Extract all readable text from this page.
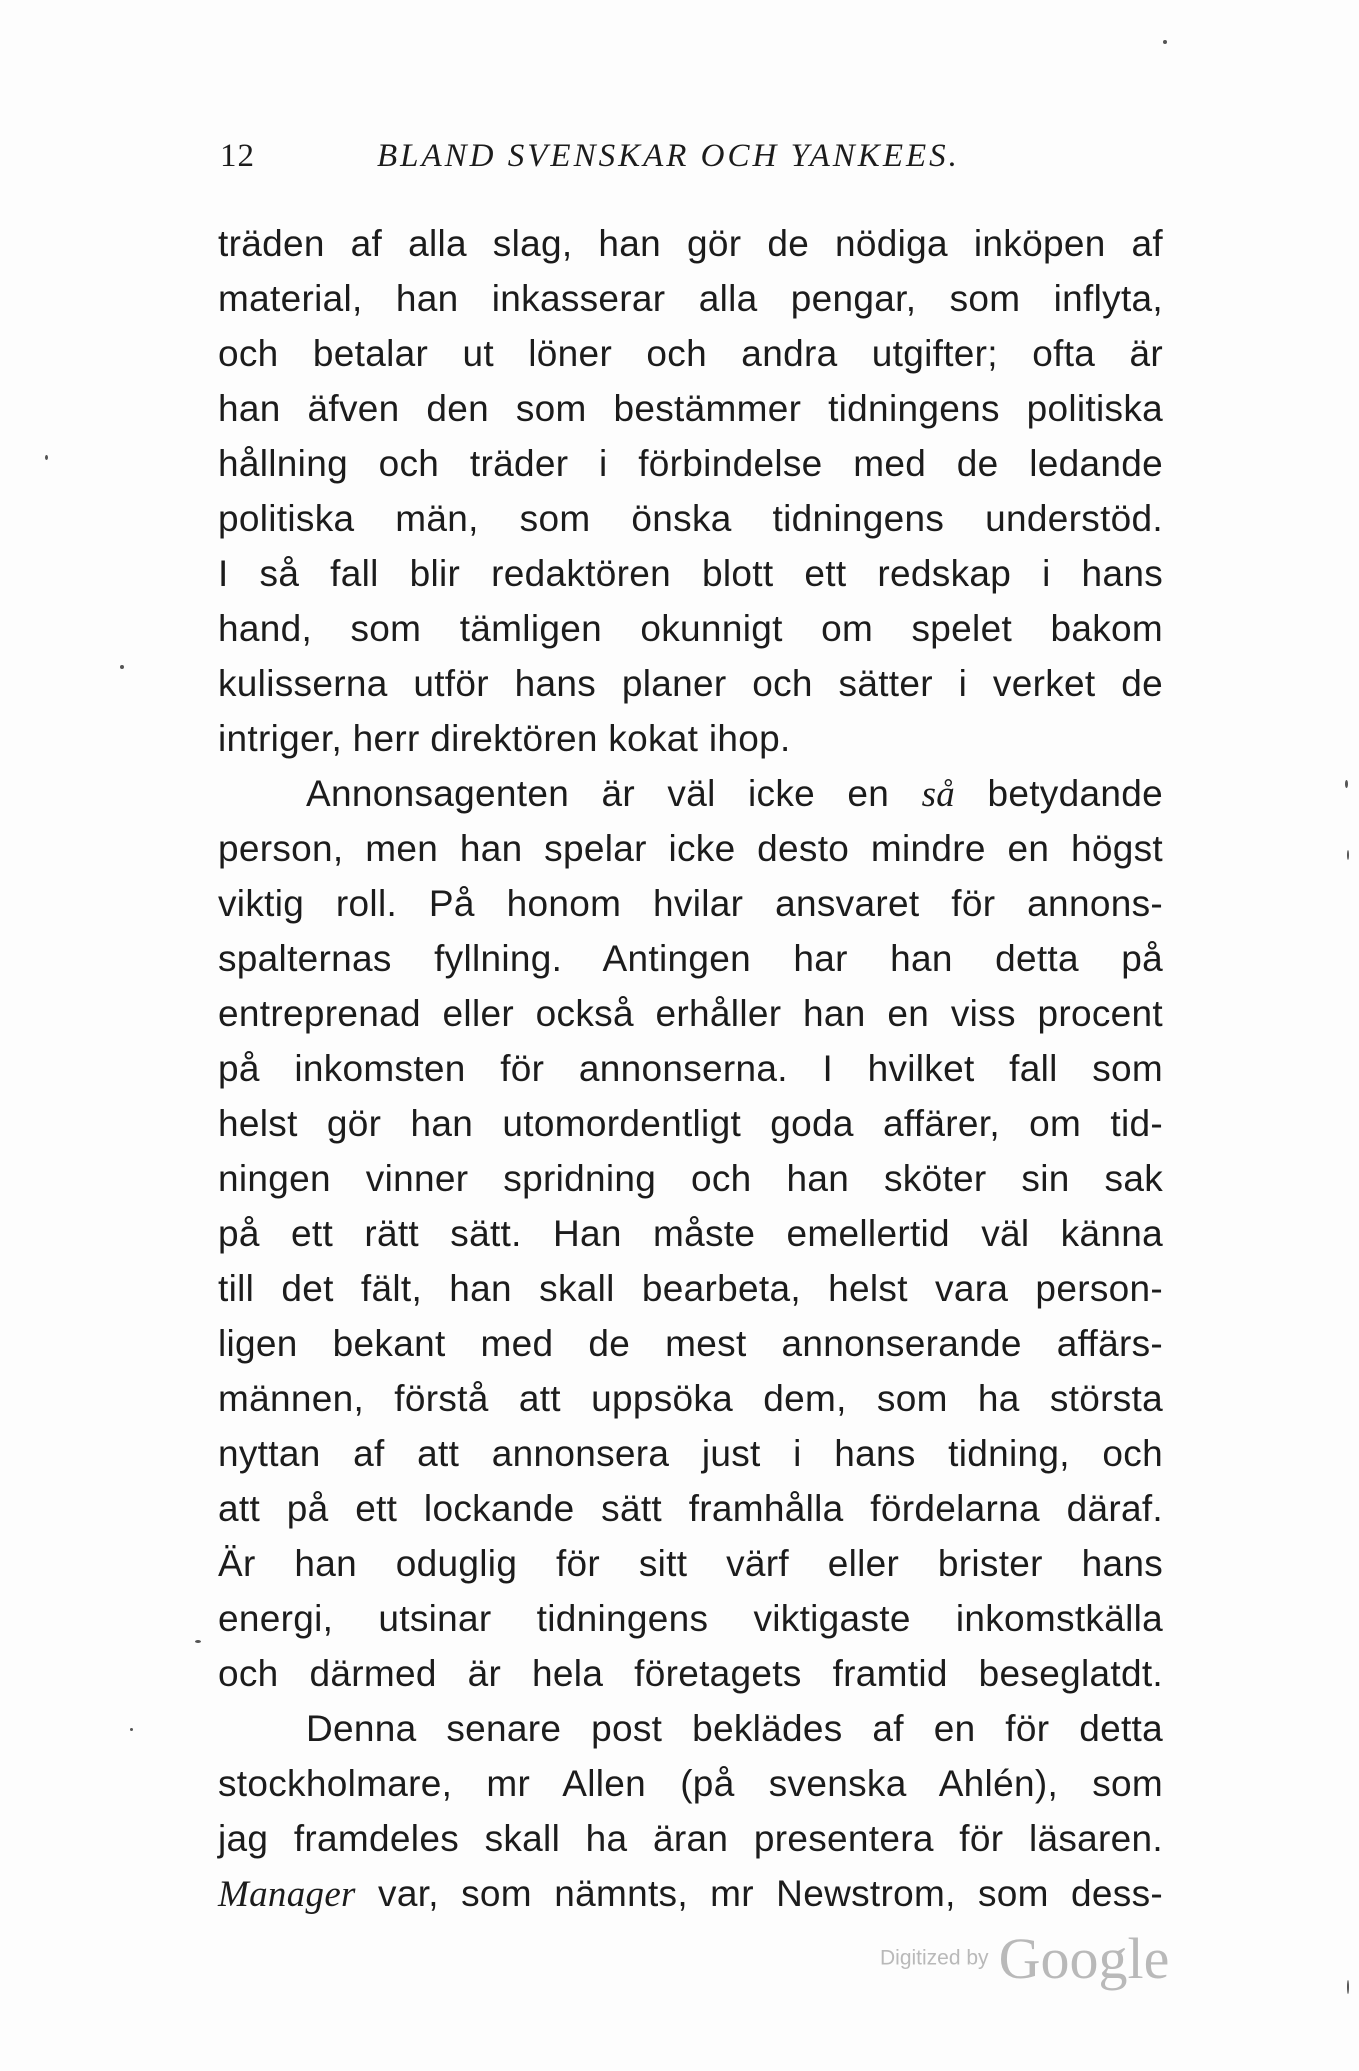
12	BLAND SVENSKAR OCH YANKEES.
träden af alla slag, han gör de nödiga inköpen af
material, han inkasserar alla pengar, som inflyta,
och betalar ut löner och andra utgifter; ofta är
han äfven den som bestämmer tidningens politiska
hållning och träder i förbindelse med de ledande
politiska män, som önska tidningens understöd.
I så fall blir redaktören blott ett redskap i hans
hand, som tämligen okunnigt om spelet bakom
kulisserna utför hans planer och sätter i verket de
intriger, herr direktören kokat ihop.
Annonsagenten är väl icke en så betydande
person, men han spelar icke desto mindre en högst
viktig roll. På honom hvilar ansvaret för annons-
spalternas fyllning. Antingen har han detta på
entreprenad eller också erhåller han en viss procent
på inkomsten för annonserna. I hvilket fall som
helst gör han utomordentligt goda affärer, om tid-
ningen vinner spridning och han sköter sin sak
på ett rätt sätt. Han måste emellertid väl känna
till det fält, han skall bearbeta, helst vara person-
ligen bekant med de mest annonserande affärs-
männen, förstå att uppsöka dem, som ha största
nyttan af att annonsera just i hans tidning, och
att på ett lockande sätt framhålla fördelarna däraf.
Är han oduglig för sitt värf eller brister hans
energi, utsinar tidningens viktigaste inkomstkälla
och därmed är hela företagets framtid beseglatdt.
Denna senare post beklädes af en för detta
stockholmare, mr Allen (på svenska Ahlén), som
jag framdeles skall ha äran presentera för läsaren.
Manager var, som nämnts, mr Newstrom, som dess-
Digitized by Google
